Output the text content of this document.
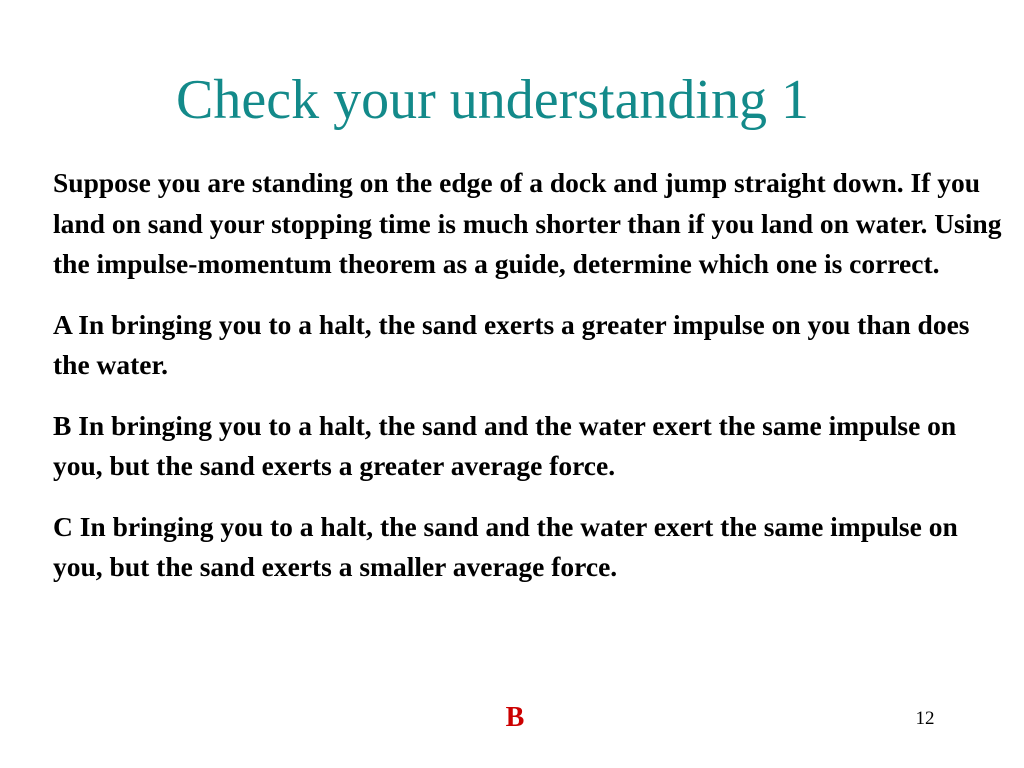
Check your understanding 1

Suppose you are standing on the edge of a dock and jump straight down. If you land on sand your stopping time is much shorter than if you land on water. Using the impulse-momentum theorem as a guide, determine which one is correct.

A In bringing you to a halt, the sand exerts a greater impulse on you than does the water.

B In bringing you to a halt, the sand and the water exert the same impulse on you, but the sand exerts a greater average force.

C In bringing you to a halt, the sand and the water exert the same impulse on you, but the sand exerts a smaller average force.

B	12
